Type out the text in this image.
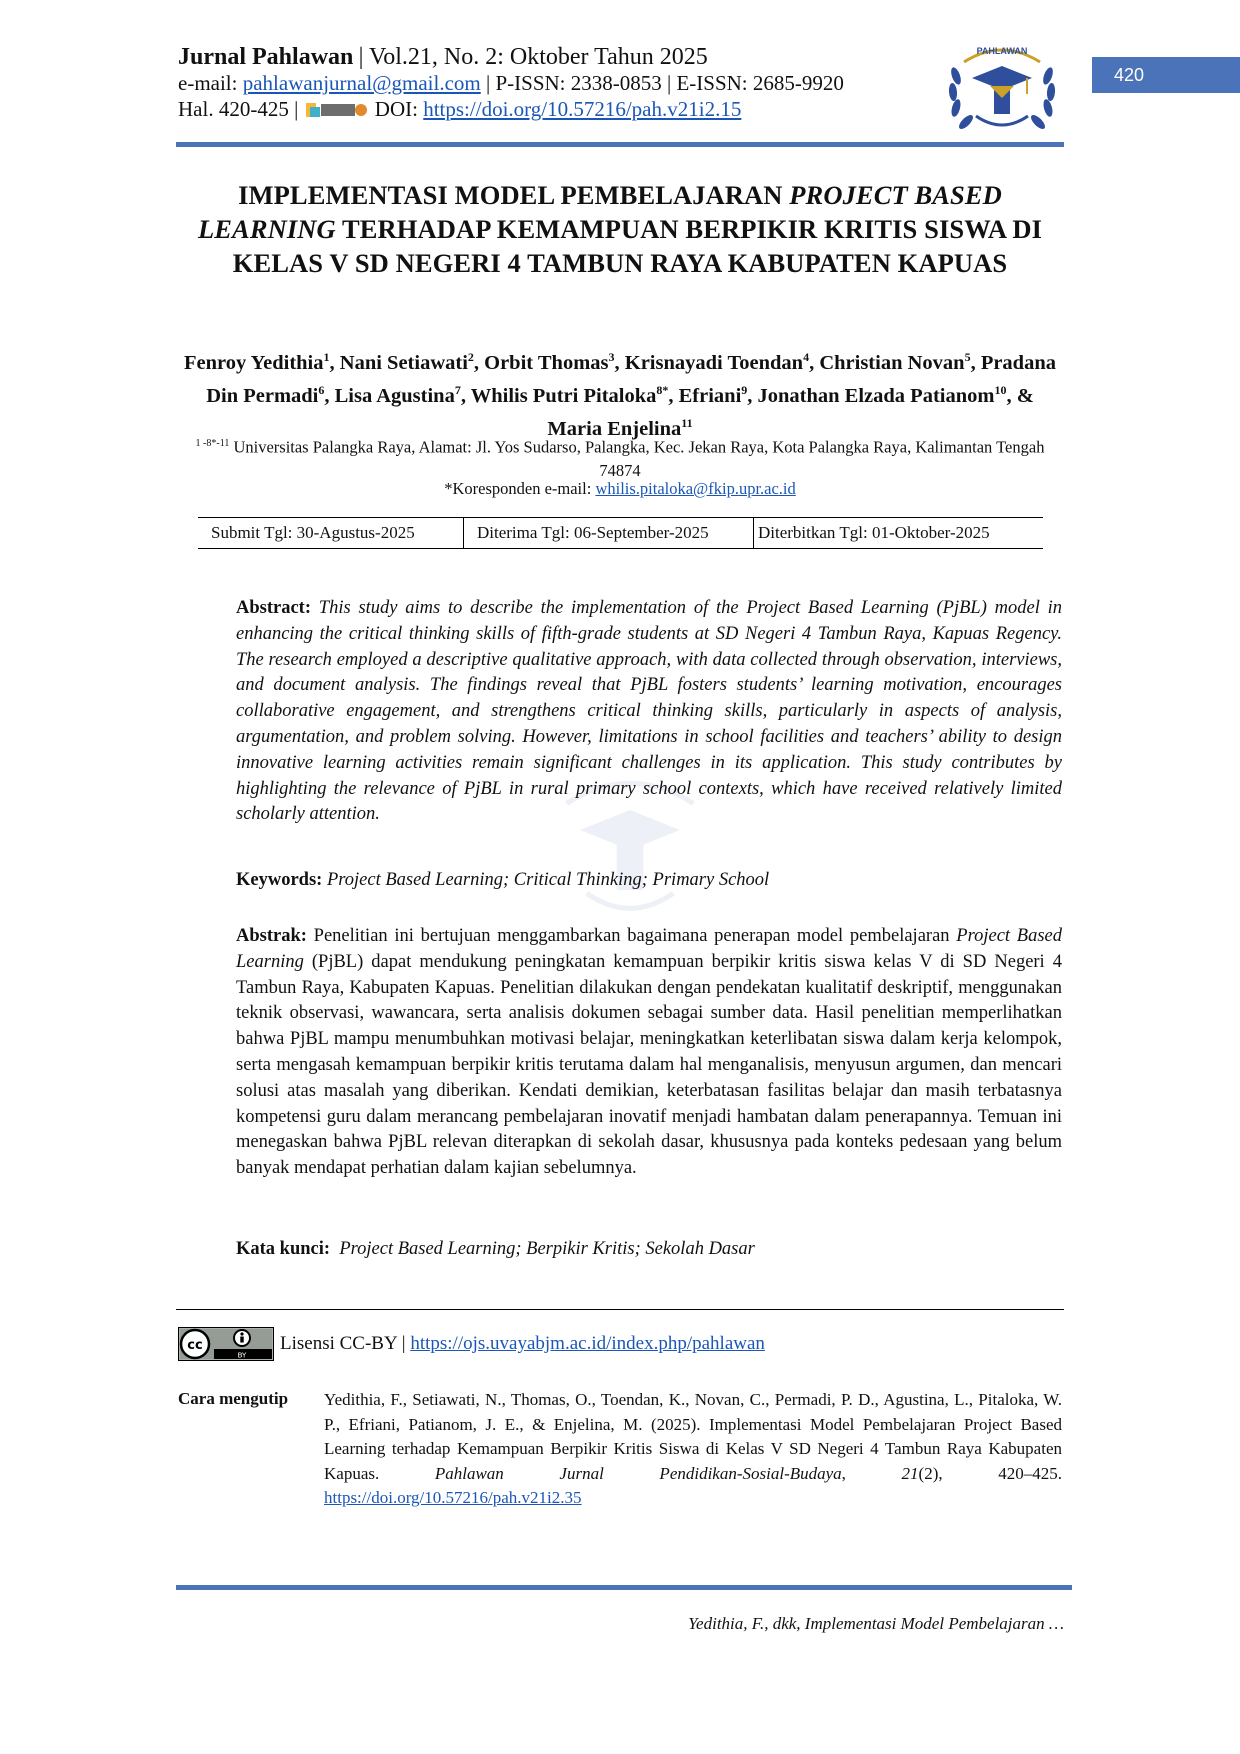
Jurnal Pahlawan | Vol.21, No. 2: Oktober Tahun 2025
e-mail: pahlawanjurnal@gmail.com | P-ISSN: 2338-0853 | E-ISSN: 2685-9920
Hal. 420-425 |	DOI: https://doi.org/10.57216/pah.v21i2.15
PAHLAWAN
420
IMPLEMENTASI MODEL PEMBELAJARAN PROJECT BASED LEARNING TERHADAP KEMAMPUAN BERPIKIR KRITIS SISWA DI KELAS V SD NEGERI 4 TAMBUN RAYA KABUPATEN KAPUAS
Fenroy Yedithia$^1$, Nani Setiawati$^2$, Orbit Thomas$^3$, Krisnayadi Toendan$^4$, Christian Novan$^5$, Pradana Din Permadi$^6$, Lisa Agustina$^7$, Whilis Putri Pitaloka$^{8*}$, Efriani$^9$, Jonathan Elzada Patianom$^{10}$, & Maria Enjelina$^{11}$
$^{1 -8*-11}$ Universitas Palangka Raya, Alamat: Jl. Yos Sudarso, Palangka, Kec. Jekan Raya, Kota Palangka Raya, Kalimantan Tengah 74874
*Koresponden e-mail: whilis.pitaloka@fkip.upr.ac.id
Submit Tgl: 30-Agustus-2025	Diterima Tgl: 06-September-2025	Diterbitkan Tgl: 01-Oktober-2025
Abstract: This study aims to describe the implementation of the Project Based Learning (PjBL) model in enhancing the critical thinking skills of fifth-grade students at SD Negeri 4 Tambun Raya, Kapuas Regency. The research employed a descriptive qualitative approach, with data collected through observation, interviews, and document analysis. The findings reveal that PjBL fosters students’ learning motivation, encourages collaborative engagement, and strengthens critical thinking skills, particularly in aspects of analysis, argumentation, and problem solving. However, limitations in school facilities and teachers’ ability to design innovative learning activities remain significant challenges in its application. This study contributes by highlighting the relevance of PjBL in rural primary school contexts, which have received relatively limited scholarly attention.
Keywords: Project Based Learning; Critical Thinking; Primary School
Abstrak: Penelitian ini bertujuan menggambarkan bagaimana penerapan model pembelajaran Project Based Learning (PjBL) dapat mendukung peningkatan kemampuan berpikir kritis siswa kelas V di SD Negeri 4 Tambun Raya, Kabupaten Kapuas. Penelitian dilakukan dengan pendekatan kualitatif deskriptif, menggunakan teknik observasi, wawancara, serta analisis dokumen sebagai sumber data. Hasil penelitian memperlihatkan bahwa PjBL mampu menumbuhkan motivasi belajar, meningkatkan keterlibatan siswa dalam kerja kelompok, serta mengasah kemampuan berpikir kritis terutama dalam hal menganalisis, menyusun argumen, dan mencari solusi atas masalah yang diberikan. Kendati demikian, keterbatasan fasilitas belajar dan masih terbatasnya kompetensi guru dalam merancang pembelajaran inovatif menjadi hambatan dalam penerapannya. Temuan ini menegaskan bahwa PjBL relevan diterapkan di sekolah dasar, khususnya pada konteks pedesaan yang belum banyak mendapat perhatian dalam kajian sebelumnya.
Kata kunci: Project Based Learning; Berpikir Kritis; Sekolah Dasar
cc
BY
Lisensi CC-BY | https://ojs.uvayabjm.ac.id/index.php/pahlawan
Cara mengutip Yedithia, F., Setiawati, N., Thomas, O., Toendan, K., Novan, C., Permadi, P. D., Agustina, L., Pitaloka, W. P., Efriani, Patianom, J. E., & Enjelina, M. (2025). Implementasi Model Pembelajaran Project Based Learning terhadap Kemampuan Berpikir Kritis Siswa di Kelas V SD Negeri 4 Tambun Raya Kabupaten Kapuas. Pahlawan Jurnal Pendidikan-Sosial-Budaya, 21(2), 420–425. https://doi.org/10.57216/pah.v21i2.35
Yedithia, F., dkk, Implementasi Model Pembelajaran …
